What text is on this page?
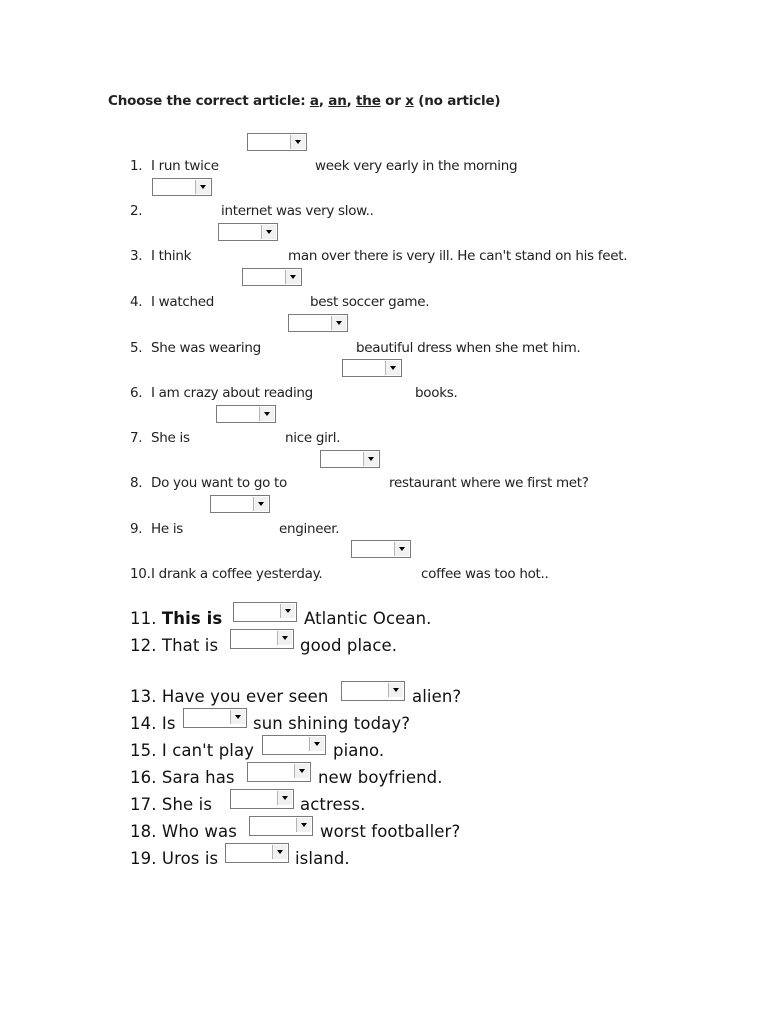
Choose the correct article: a, an, the or x (no article)
1. I run twice	week very early in the morning
2.	internet was very slow..
3. I think	man over there is very ill. He can't stand on his feet.
4. I watched	best soccer game.
5. She was wearing	beautiful dress when she met him.
6. I am crazy about reading	books.
7. She is	nice girl.
8. Do you want to go to	restaurant where we first met?
9. He is	engineer.
10. I drank a coffee yesterday.	coffee was too hot..
11. This is	Atlantic Ocean.
12. That is	good place.
13. Have you ever seen	alien?
14. Is	sun shining today?
15. I can't play	piano.
16. Sara has	new boyfriend.
17. She is	actress.
18. Who was	worst footballer?
19. Uros is	island.
